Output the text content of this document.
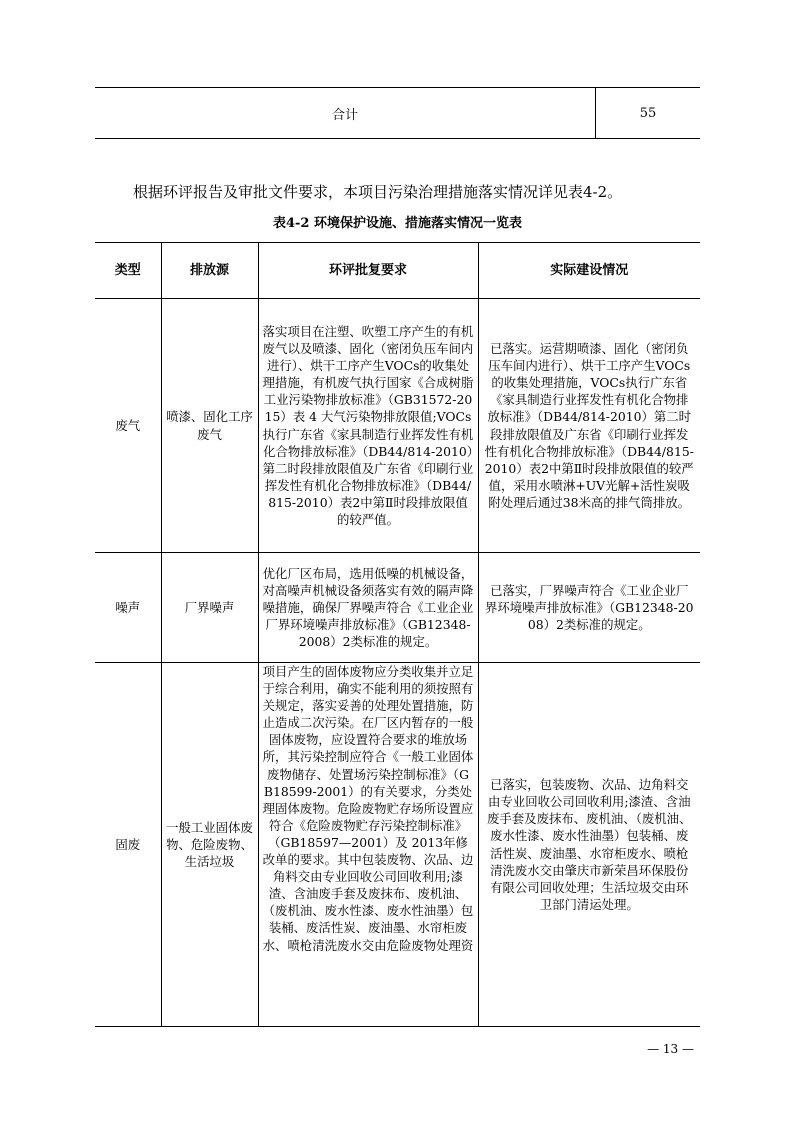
合计	55
根据环评报告及审批文件要求，本项目污染治理措施落实情况详见表4-2。
表4-2 环境保护设施、措施落实情况一览表
类型	排放源	环评批复要求	实际建设情况
废气	喷漆、固化工序废气	落实项目在注塑、吹塑工序产生的有机废气以及喷漆、固化（密闭负压车间内进行）、烘干工序产生VOCs的收集处理措施，有机废气执行国家《合成树脂工业污染物排放标准》（GB31572-2015）表 4 大气污染物排放限值;VOCs执行广东省《家具制造行业挥发性有机化合物排放标准》（DB44/814-2010）第二时段排放限值及广东省《印刷行业挥发性有机化合物排放标准》（DB44/815-2010）表2中第Ⅱ时段排放限值的较严值。	已落实。运营期喷漆、固化（密闭负压车间内进行）、烘干工序产生VOCs的收集处理措施，VOCs执行广东省《家具制造行业挥发性有机化合物排放标准》（DB44/814-2010）第二时段排放限值及广东省《印刷行业挥发性有机化合物排放标准》（DB44/815-2010）表2中第Ⅱ时段排放限值的较严值，采用水喷淋+UV光解+活性炭吸附处理后通过38米高的排气筒排放。
噪声	厂界噪声	优化厂区布局，选用低噪的机械设备，对高噪声机械设备须落实有效的隔声降噪措施，确保厂界噪声符合《工业企业厂界环境噪声排放标准》（GB12348-2008）2类标准的规定。	已落实，厂界噪声符合《工业企业厂界环境噪声排放标准》（GB12348-2008）2类标准的规定。
固废	一般工业固体废物、危险废物、生活垃圾	项目产生的固体废物应分类收集并立足于综合利用，确实不能利用的须按照有关规定，落实妥善的处理处置措施，防止造成二次污染。在厂区内暂存的一般固体废物，应设置符合要求的堆放场所，其污染控制应符合《一般工业固体废物储存、处置场污染控制标准》（GB18599-2001）的有关要求，分类处理固体废物。危险废物贮存场所设置应符合《危险废物贮存污染控制标准》（GB18597—2001）及 2013年修改单的要求。其中包装废物、次品、边角料交由专业回收公司回收利用;漆渣、含油废手套及废抹布、废机油、（废机油、废水性漆、废水性油墨）包装桶、废活性炭、废油墨、水帘柜废水、喷枪清洗废水交由危险废物处理资	已落实，包装废物、次品、边角料交由专业回收公司回收利用;漆渣、含油废手套及废抹布、废机油、（废机油、废水性漆、废水性油墨）包装桶、废活性炭、废油墨、水帘柜废水、喷枪清洗废水交由肇庆市新荣昌环保股份有限公司回收处理；生活垃圾交由环卫部门清运处理。
— 13 —
